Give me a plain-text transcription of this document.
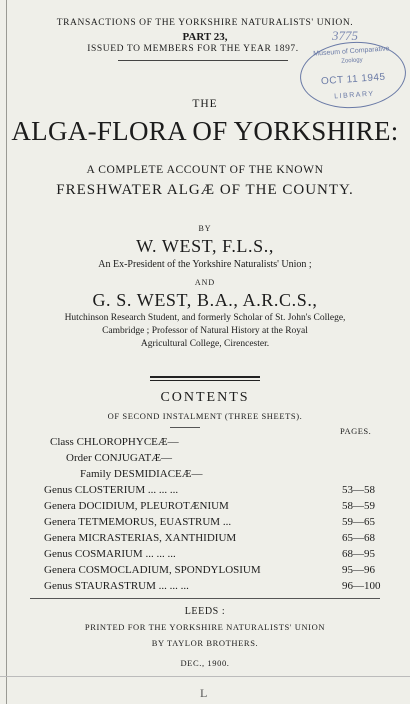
TRANSACTIONS OF THE YORKSHIRE NATURALISTS' UNION.
PART 23,
ISSUED TO MEMBERS FOR THE YEAR 1897.
3775
Museum of Comparative
Zoology
OCT 11 1945
LIBRARY
THE
ALGA-FLORA OF YORKSHIRE:
A COMPLETE ACCOUNT OF THE KNOWN
FRESHWATER ALGÆ OF THE COUNTY.
BY
W. WEST, F.L.S.,
An Ex-President of the Yorkshire Naturalists' Union ;
AND
G. S. WEST, B.A., A.R.C.S.,
Hutchinson Research Student, and formerly Scholar of St. John's College,
Cambridge ; Professor of Natural History at the Royal
Agricultural College, Cirencester.
CONTENTS
OF SECOND INSTALMENT (THREE SHEETS).
PAGES.
Class CHLOROPHYCEÆ—
Order CONJUGATÆ—
Family DESMIDIACEÆ—
Genus CLOSTERIUM ... ... ...	53—58
Genera DOCIDIUM, PLEUROTÆNIUM	58—59
Genera TETMEMORUS, EUASTRUM ...	59—65
Genera MICRASTERIAS, XANTHIDIUM	65—68
Genus COSMARIUM ... ... ...	68—95
Genera COSMOCLADIUM, SPONDYLOSIUM	95—96
Genus STAURASTRUM ... ... ...	96—100
LEEDS :
PRINTED FOR THE YORKSHIRE NATURALISTS' UNION
BY TAYLOR BROTHERS.
DEC., 1900.
L
